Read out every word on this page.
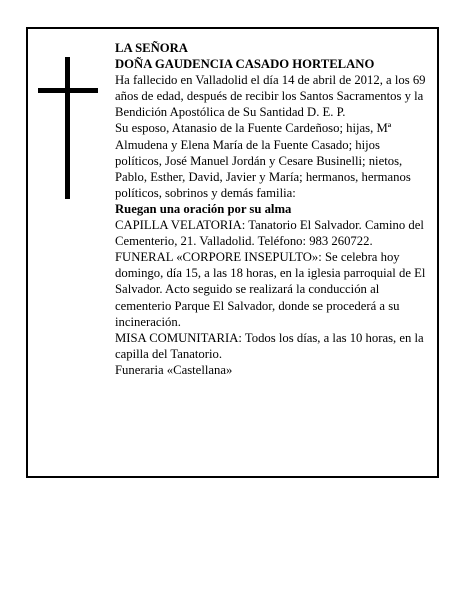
LA SEÑORA

DOÑA GAUDENCIA CASADO HORTELANO

Ha fallecido en Valladolid el día 14 de abril de 2012, a los 69 años de edad, después de recibir los Santos Sacramentos y la Bendición Apostólica de Su Santidad D. E. P.

Su esposo, Atanasio de la Fuente Cardeñoso; hijas, Mª Almudena y Elena María de la Fuente Casado; hijos políticos, José Manuel Jordán y Cesare Businelli; nietos, Pablo, Esther, David, Javier y María; hermanos, hermanos políticos, sobrinos y demás familia:

Ruegan una oración por su alma

CAPILLA VELATORIA: Tanatorio El Salvador. Camino del Cementerio, 21. Valladolid. Teléfono: 983 260722.

FUNERAL «CORPORE INSEPULTO»: Se celebra hoy domingo, día 15, a las 18 horas, en la iglesia parroquial de El Salvador. Acto seguido se realizará la conducción al cementerio Parque El Salvador, donde se procederá a su incineración.

MISA COMUNITARIA: Todos los días, a las 10 horas, en la capilla del Tanatorio.

Funeraria «Castellana»
